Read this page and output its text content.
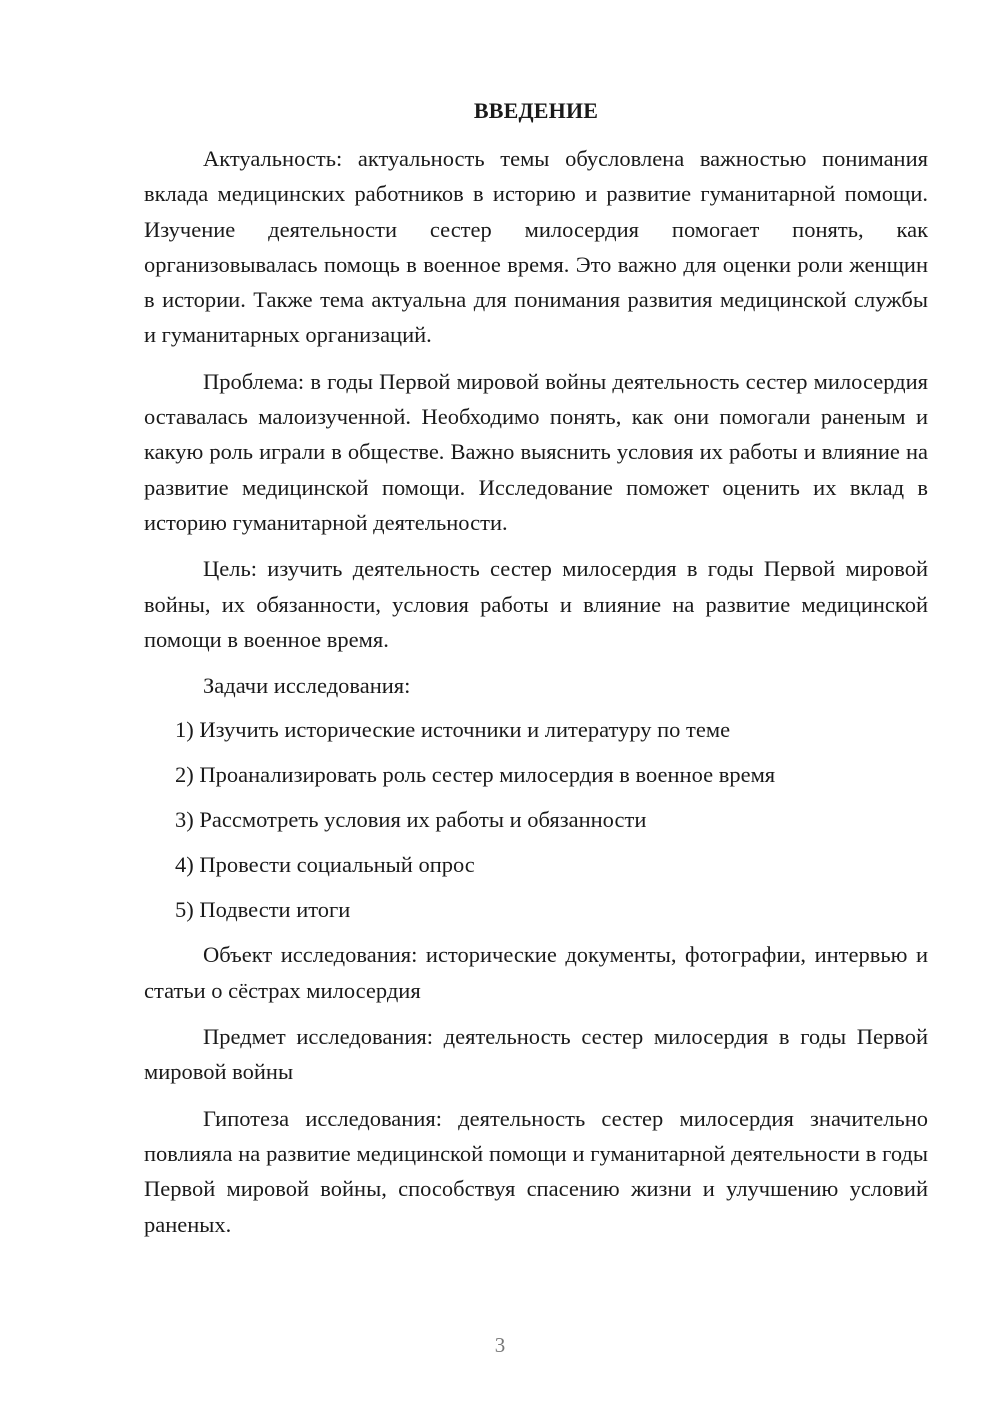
ВВЕДЕНИЕ

Актуальность: актуальность темы обусловлена важностью понимания вклада медицинских работников в историю и развитие гуманитарной помощи. Изучение деятельности сестер милосердия помогает понять, как организовывалась помощь в военное время. Это важно для оценки роли женщин в истории. Также тема актуальна для понимания развития медицинской службы и гуманитарных организаций.

Проблема: в годы Первой мировой войны деятельность сестер милосердия оставалась малоизученной. Необходимо понять, как они помогали раненым и какую роль играли в обществе. Важно выяснить условия их работы и влияние на развитие медицинской помощи. Исследование поможет оценить их вклад в историю гуманитарной деятельности.

Цель: изучить деятельность сестер милосердия в годы Первой мировой войны, их обязанности, условия работы и влияние на развитие медицинской помощи в военное время.

Задачи исследования:

1) Изучить исторические источники и литературу по теме
2) Проанализировать роль сестер милосердия в военное время
3) Рассмотреть условия их работы и обязанности
4) Провести социальный опрос
5) Подвести итоги

Объект исследования: исторические документы, фотографии, интервью и статьи о сёстрах милосердия

Предмет исследования: деятельность сестер милосердия в годы Первой мировой войны

Гипотеза исследования: деятельность сестер милосердия значительно повлияла на развитие медицинской помощи и гуманитарной деятельности в годы Первой мировой войны, способствуя спасению жизни и улучшению условий раненых.

3
